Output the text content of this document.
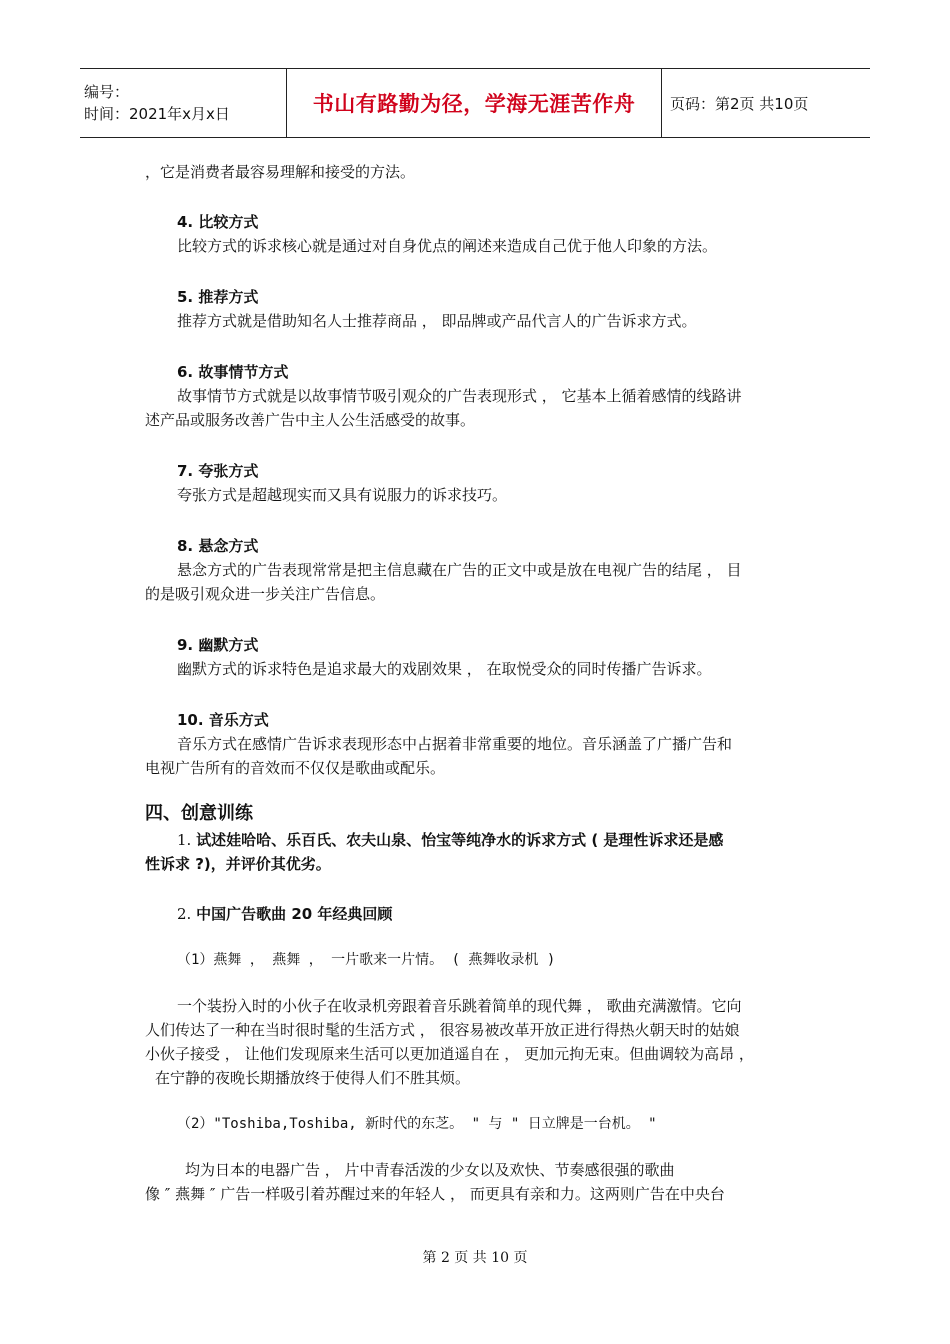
编号：
时间：2021年x月x日	书山有路勤为径，学海无涯苦作舟 页码：第2页 共10页

，它是消费者最容易理解和接受的方法。

4. 比较方式

比较方式的诉求核心就是通过对自身优点的阐述来造成自己优于他人印象的方法。

5. 推荐方式

推荐方式就是借助知名人士推荐商品 ， 即品牌或产品代言人的广告诉求方式。

6. 故事情节方式

故事情节方式就是以故事情节吸引观众的广告表现形式 ， 它基本上循着感情的线路讲

述产品或服务改善广告中主人公生活感受的故事。

7. 夸张方式

夸张方式是超越现实而又具有说服力的诉求技巧。

8. 悬念方式

悬念方式的广告表现常常是把主信息藏在广告的正文中或是放在电视广告的结尾 ， 目

的是吸引观众进一步关注广告信息。

9. 幽默方式

幽默方式的诉求特色是追求最大的戏剧效果 ， 在取悦受众的同时传播广告诉求。

10. 音乐方式

音乐方式在感情广告诉求表现形态中占据着非常重要的地位。音乐涵盖了广播广告和

电视广告所有的音效而不仅仅是歌曲或配乐。

四、创意训练

1. 试述娃哈哈、乐百氏、农夫山泉、怡宝等纯净水的诉求方式 ( 是理性诉求还是感

性诉求 ?)，并评价其优劣。

2. 中国广告歌曲 20 年经典回顾

（1）燕舞 ， 燕舞 ， 一片歌来一片情。 ( 燕舞收录机 )

一个装扮入时的小伙子在收录机旁跟着音乐跳着简单的现代舞 ， 歌曲充满激情。它向

人们传达了一种在当时很时髦的生活方式 ， 很容易被改革开放正进行得热火朝天时的姑娘

小伙子接受 ， 让他们发现原来生活可以更加逍遥自在 ， 更加元拘无束。但曲调较为高昂 ，

在宁静的夜晚长期播放终于使得人们不胜其烦。

（2）"Toshiba,Toshiba, 新时代的东芝。 " 与 " 日立牌是一台机。 "

均为日本的电器广告 ， 片中青春活泼的少女以及欢快、节奏感很强的歌曲

像 ″ 燕舞 ″ 广告一样吸引着苏醒过来的年轻人 ， 而更具有亲和力。这两则广告在中央台

第 2 页 共 10 页
